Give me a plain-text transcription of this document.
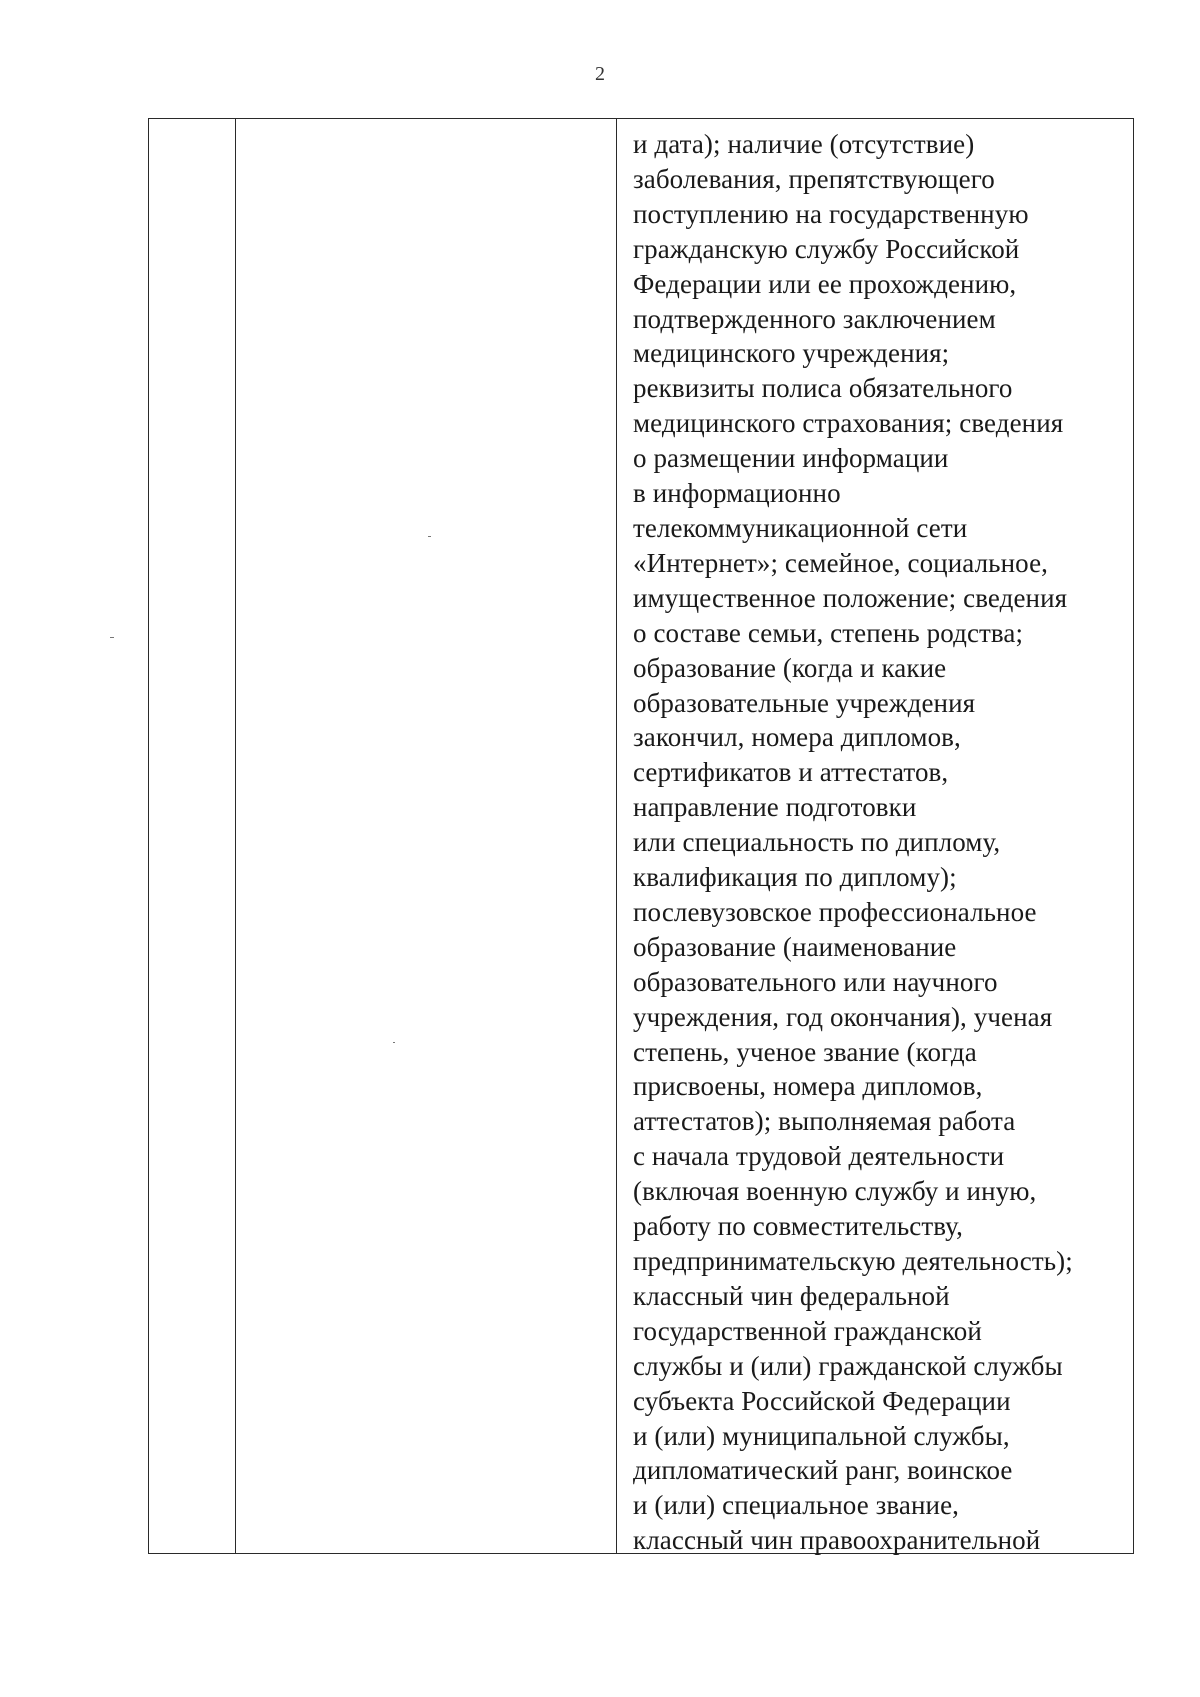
2
и дата); наличие (отсутствие)
заболевания, препятствующего
поступлению на государственную
гражданскую службу Российской
Федерации или ее прохождению,
подтвержденного заключением
медицинского учреждения;
реквизиты полиса обязательного
медицинского страхования; сведения
о размещении информации
в информационно
телекоммуникационной сети
«Интернет»; семейное, социальное,
имущественное положение; сведения
о составе семьи, степень родства;
образование (когда и какие
образовательные учреждения
закончил, номера дипломов,
сертификатов и аттестатов,
направление подготовки
или специальность по диплому,
квалификация по диплому);
послевузовское профессиональное
образование (наименование
образовательного или научного
учреждения, год окончания), ученая
степень, ученое звание (когда
присвоены, номера дипломов,
аттестатов); выполняемая работа
с начала трудовой деятельности
(включая военную службу и иную,
работу по совместительству,
предпринимательскую деятельность);
классный чин федеральной
государственной гражданской
службы и (или) гражданской службы
субъекта Российской Федерации
и (или) муниципальной службы,
дипломатический ранг, воинское
и (или) специальное звание,
классный чин правоохранительной
